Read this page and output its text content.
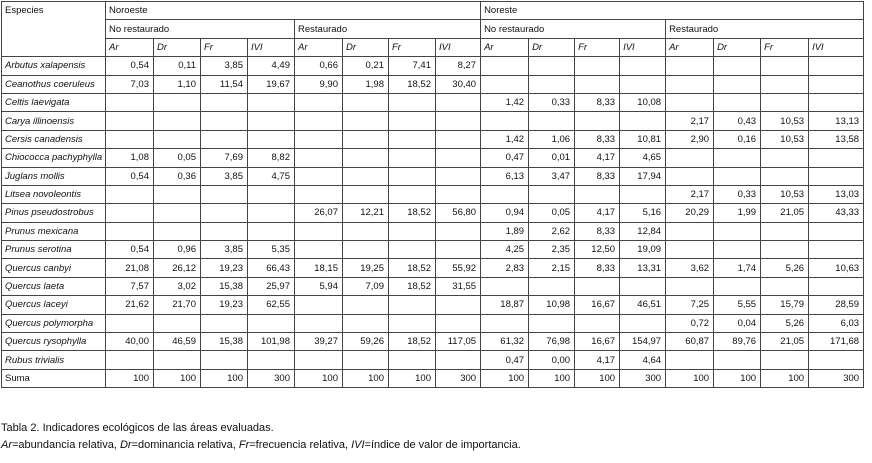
Especies	Noroeste								Noreste							
	No restaurado				Restaurado				No restaurado				Restaurado			
	Ar	Dr	Fr	IVI	Ar	Dr	Fr	IVI	Ar	Dr	Fr	IVI	Ar	Dr	Fr	IVI
Arbutus xalapensis	0,54	0,11	3,85	4,49	0,66	0,21	7,41	8,27								
Ceanothus coeruleus	7,03	1,10	11,54	19,67	9,90	1,98	18,52	30,40								
Celtis laevigata									1,42	0,33	8,33	10,08				
Carya illinoensis													2,17	0,43	10,53	13,13
Cersis canadensis									1,42	1,06	8,33	10,81	2,90	0,16	10,53	13,58
Chiococca pachyphylla	1,08	0,05	7,69	8,82					0,47	0,01	4,17	4,65				
Juglans mollis	0,54	0,36	3,85	4,75					6,13	3,47	8,33	17,94				
Litsea novoleontis													2,17	0,33	10,53	13,03
Pinus pseudostrobus					26,07	12,21	18,52	56,80	0,94	0,05	4,17	5,16	20,29	1,99	21,05	43,33
Prunus mexicana									1,89	2,62	8,33	12,84				
Prunus serotina	0,54	0,96	3,85	5,35					4,25	2,35	12,50	19,09				
Quercus canbyi	21,08	26,12	19,23	66,43	18,15	19,25	18,52	55,92	2,83	2,15	8,33	13,31	3,62	1,74	5,26	10,63
Quercus laeta	7,57	3,02	15,38	25,97	5,94	7,09	18,52	31,55								
Quercus laceyi	21,62	21,70	19,23	62,55					18,87	10,98	16,67	46,51	7,25	5,55	15,79	28,59
Quercus polymorpha													0,72	0,04	5,26	6,03
Quercus rysophylla	40,00	46,59	15,38	101,98	39,27	59,26	18,52	117,05	61,32	76,98	16,67	154,97	60,87	89,76	21,05	171,68
Rubus trivialis									0,47	0,00	4,17	4,64				
Suma	100	100	100	300	100	100	100	300	100	100	100	300	100	100	100	300
Tabla 2. Indicadores ecológicos de las áreas evaluadas.
Ar=abundancia relativa, Dr=dominancia relativa, Fr=frecuencia relativa, IVI=índice de valor de importancia.
